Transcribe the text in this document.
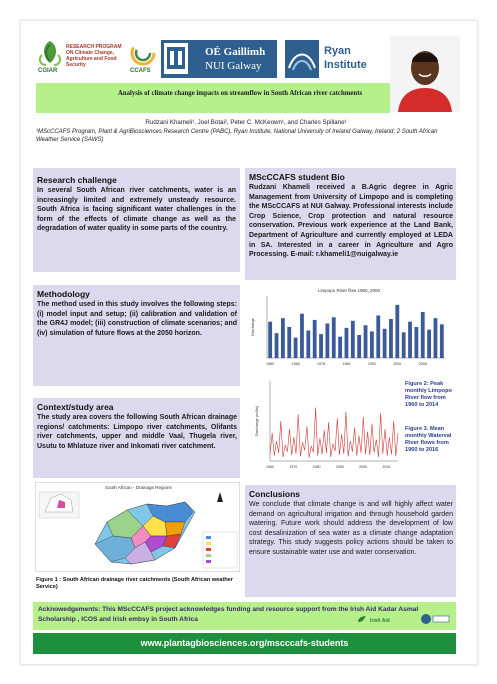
CGIAR
RESEARCH PROGRAM ON Climate Change, Agriculture and Food Security
CCAFS
OÉ Gaillimh
NUI Galway
Ryan
Institute
Analysis of climate change impacts on streamflow in South African river catchments
Rudzani Khameli¹, Joel Botai², Peter C. McKeown¹, and Charles Spillane¹
¹MScCCAFS Program, Plant & AgriBiosciences Research Centre (PABC), Ryan Institute, National University of Ireland Galway, Ireland; 2 South African Weather Service (SAWS)
Research challenge
In several South African river catchments, water is an increasingly limited and extremely unsteady resource. South Africa is facing significant water challenges in the form of the effects of climate change as well as the degradation of water quality in some parts of the country.
MScCCAFS student Bio
Rudzani Khameli received a B.Agric degree in Agric Management from University of Limpopo and is completing the MScCCAFS at NUI Galway. Professional interests include Crop Science, Crop protection and natural resource conservation. Previous work experience at the Land Bank, Department of Agriculture and currently employed at LEDA in SA. Interested in a career in Agriculture and Agro Processing. E-mail: r.khameli1@nuigalway.ie
Methodology
The method used in this study involves the following steps: (i) model input and setup; (ii) calibration and validation of the GR4J model; (iii) construction of climate scenarios; and (iv) simulation of future flows at the 2050 horizon.
Limpopo River flow 1960_2000
Discharge
1960	1968	1976	1984	1992	2000	2008
Discharge (m3/s)
1960	1970	1980	1990	2000	2010
Figure 2: Peak monthly Limpopo River flow from 1960 to 2014
Figure 3. Mean monthly Waterval River flows from 1960 to 2016
Context/study area
The study area covers the following South African drainage regions/ catchments: Limpopo river catchments, Olifants river catchments, upper and middle Vaal, Thugela river, Usutu to Mhlatuze river and Inkomati river catchment.
South African - Drainage Regions
Figure 1 : South African drainage river catchments (South African weather Service)
Conclusions
We conclude that climate change is and will highly affect water demand on agricultural irrigation and through household garden watering. Future work should address the development of low cost desalinization of sea water as a climate change adaptation strategy. This study suggests policy actions should be taken to ensure sustainable water use and water conservation.
Acknowedgements: This MScCCAFS project acknowledges funding and resource support from the Irish Aid Kadar Asmal Scholarship , ICOS and Irish embsy in South Africa	Irish Aid
www.plantagbiosciences.org/mscccafs-students
